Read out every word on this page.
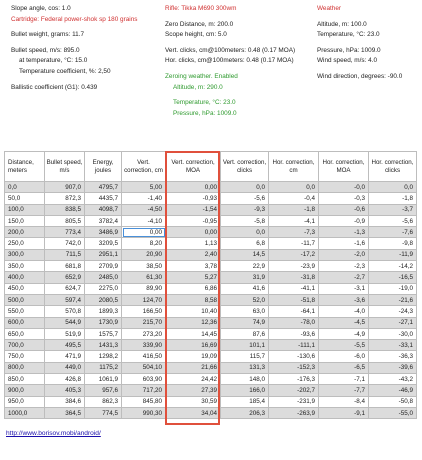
Slope angle, cos: 1.0
Cartridge: Federal power-shok sp 180 grains
Bullet weight, grams: 11.7
Bullet speed, m/s: 895.0
at temperature, °C: 15.0
Temperature coefficient, %: 2,50
Ballistic coefficient (G1): 0.439
Rifle: Tikka M690 300wm
Zero Distance, m: 200.0
Scope height, cm: 5.0
Vert. clicks, cm@100meters: 0.48 (0.17 MOA)
Hor. clicks, cm@100meters: 0.48 (0.17 MOA)
Zeroing weather. Enabled
Altitude, m: 290.0
Temperature, °C: 23.0
Pressure, hPa: 1009.0
Weather
Altitude, m: 100.0
Temperature, °C: 23.0
Pressure, hPa: 1009.0
Wind speed, m/s: 4.0
Wind direction, degrees: -90.0
Distance, meters	Bullet speed, m/s	Energy, joules	Vert. correction, cm	Vert. correction, MOA	Vert. correction, clicks	Hor. correction, cm	Hor. correction, MOA	Hor. correction, clicks
0,0	907,0	4795,7	5,00	0,00	0,0	0,0	-0,0	0,0
50,0	872,3	4435,7	-1,40	-0,93	-5,6	-0,4	-0,3	-1,8
100,0	838,5	4098,7	-4,50	-1,54	-9,3	-1,8	-0,6	-3,7
150,0	805,5	3782,4	-4,10	-0,95	-5,8	-4,1	-0,9	-5,6
200,0	773,4	3486,9	0,00	0,00	0,0	-7,3	-1,3	-7,6
250,0	742,0	3209,5	8,20	1,13	6,8	-11,7	-1,6	-9,8
300,0	711,5	2951,1	20,90	2,40	14,5	-17,2	-2,0	-11,9
350,0	681,8	2709,9	38,50	3,78	22,9	-23,9	-2,3	-14,2
400,0	652,9	2485,0	61,30	5,27	31,9	-31,8	-2,7	-16,5
450,0	624,7	2275,0	89,90	6,86	41,6	-41,1	-3,1	-19,0
500,0	597,4	2080,5	124,70	8,58	52,0	-51,8	-3,6	-21,6
550,0	570,8	1899,3	166,50	10,40	63,0	-64,1	-4,0	-24,3
600,0	544,9	1730,9	215,70	12,36	74,9	-78,0	-4,5	-27,1
650,0	519,9	1575,7	273,20	14,45	87,6	-93,6	-4,9	-30,0
700,0	495,5	1431,3	339,90	16,69	101,1	-111,1	-5,5	-33,1
750,0	471,9	1298,2	416,50	19,09	115,7	-130,6	-6,0	-36,3
800,0	449,0	1175,2	504,10	21,66	131,3	-152,3	-6,5	-39,6
850,0	426,8	1061,9	603,90	24,42	148,0	-176,3	-7,1	-43,2
900,0	405,3	957,6	717,20	27,39	166,0	-202,7	-7,7	-46,9
950,0	384,6	862,3	845,80	30,59	185,4	-231,9	-8,4	-50,8
1000,0	364,5	774,5	990,30	34,04	206,3	-263,9	-9,1	-55,0
http://www.borisov.mobi/android/
